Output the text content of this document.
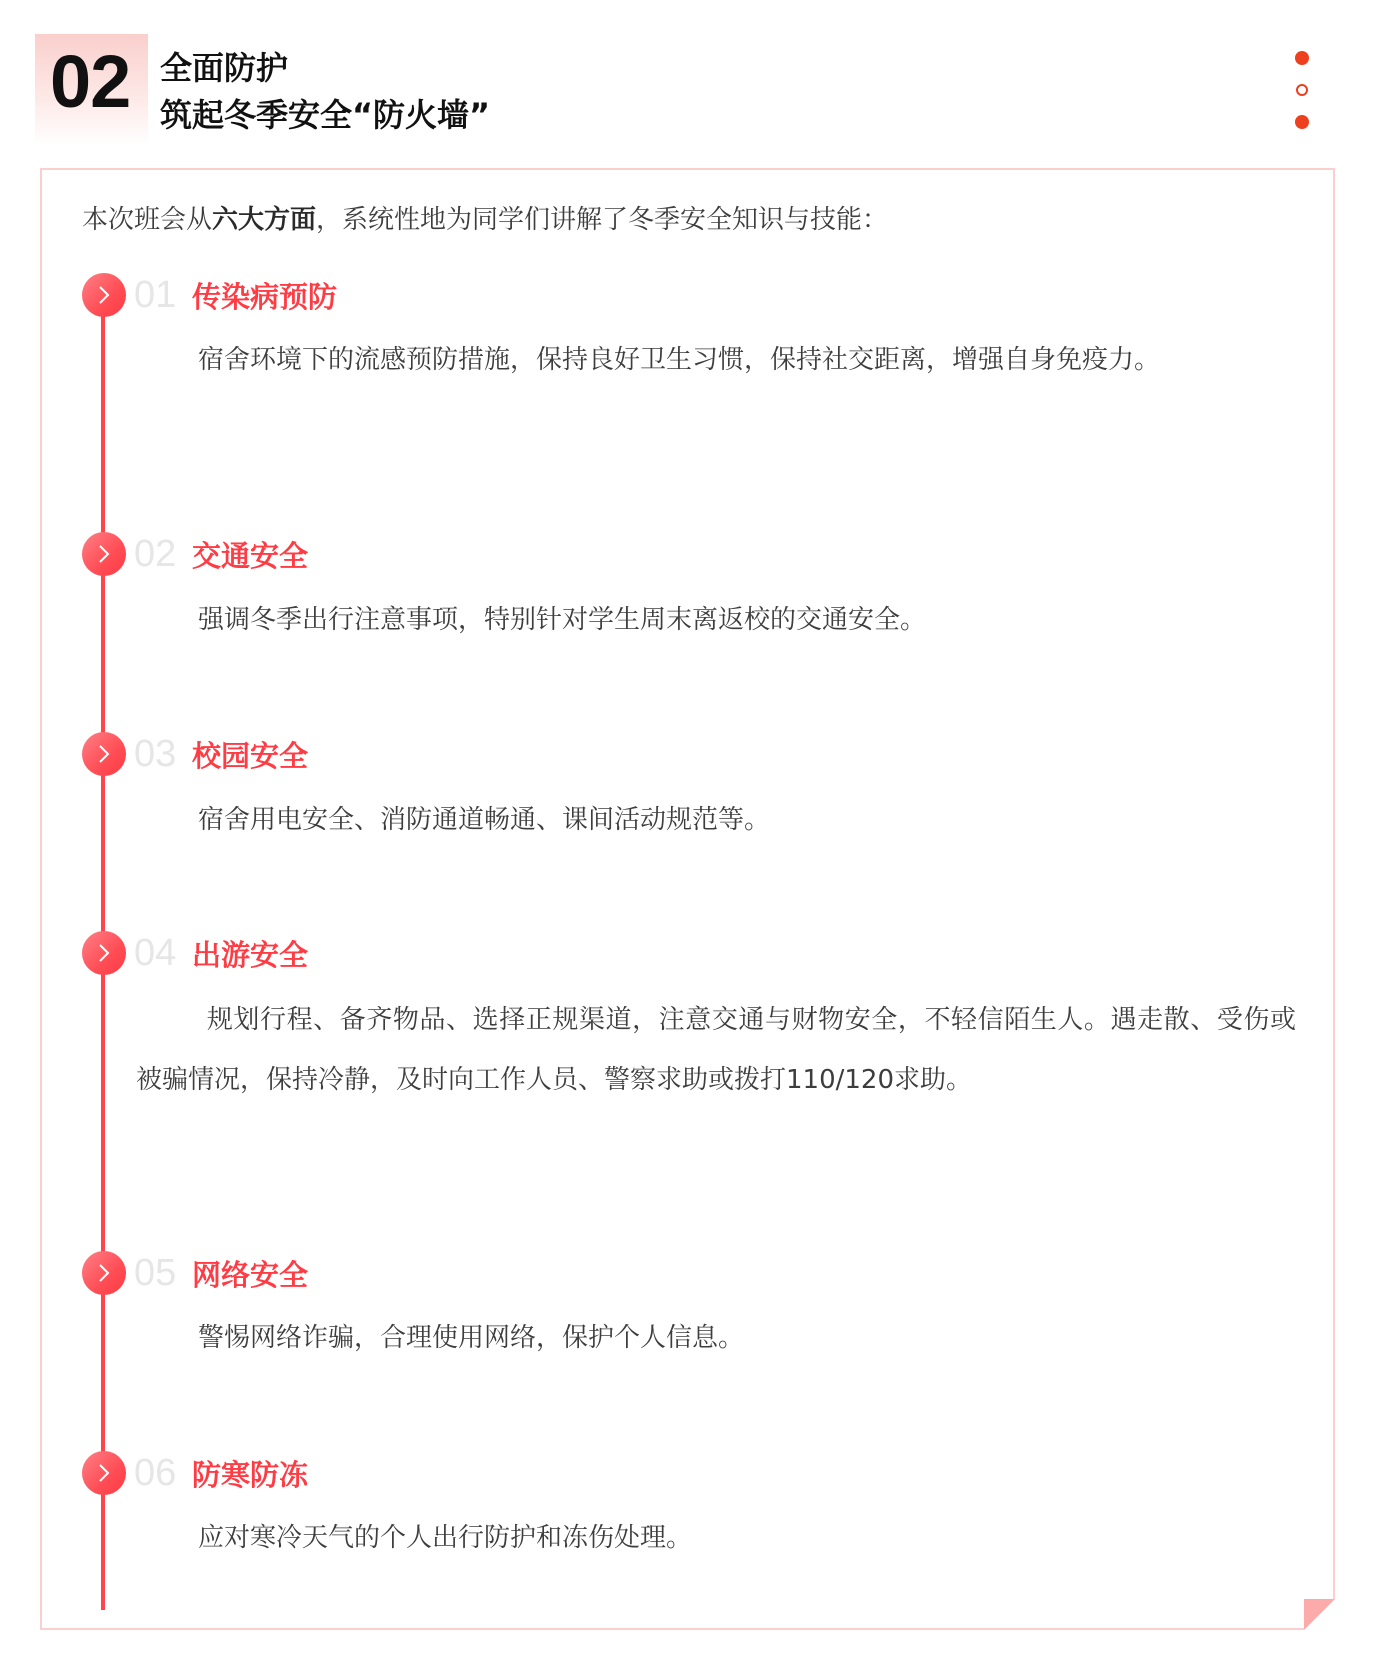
02 全面防护
筑起冬季安全“防火墙”
本次班会从六大方面，系统性地为同学们讲解了冬季安全知识与技能：
01 传染病预防
宿舍环境下的流感预防措施，保持良好卫生习惯，保持社交距离，增强自身免疫力。
02 交通安全
强调冬季出行注意事项，特别针对学生周末离返校的交通安全。
03 校园安全
宿舍用电安全、消防通道畅通、课间活动规范等。
04 出游安全
规划行程、备齐物品、选择正规渠道，注意交通与财物安全，不轻信陌生人。遇走散、受伤或被骗情况，保持冷静，及时向工作人员、警察求助或拨打110/120求助。
05 网络安全
警惕网络诈骗，合理使用网络，保护个人信息。
06 防寒防冻
应对寒冷天气的个人出行防护和冻伤处理。
